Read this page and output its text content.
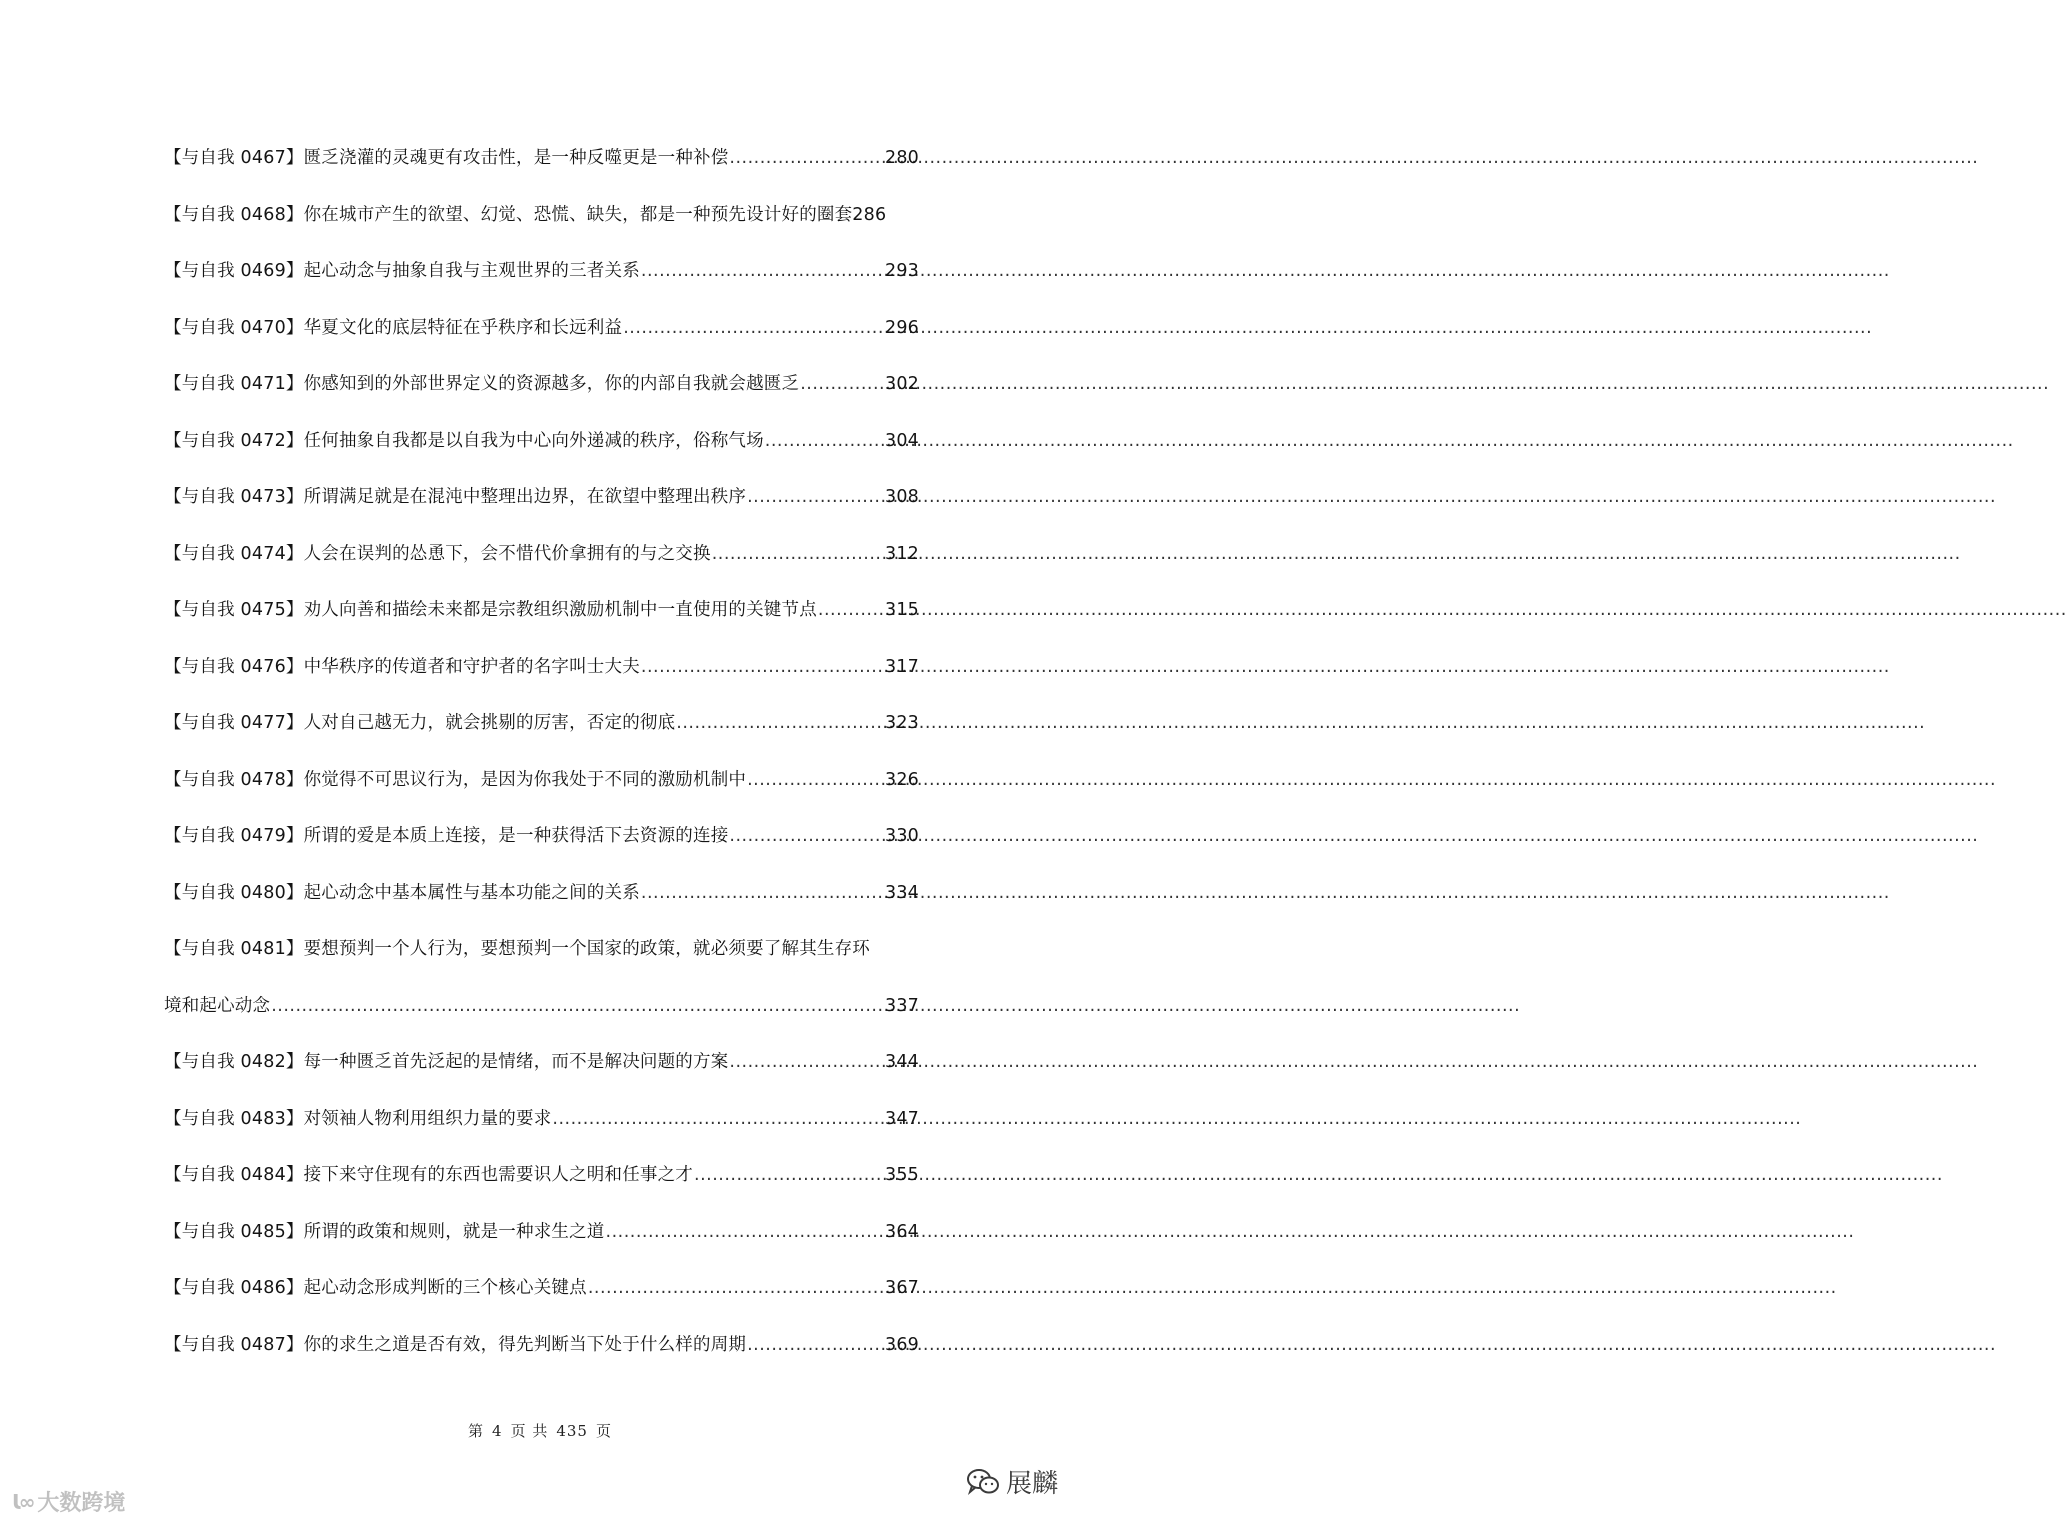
【与自我 0467】匮乏浇灌的灵魂更有攻击性，是一种反噬更是一种补偿 .....	280
【与自我 0468】你在城市产生的欲望、幻觉、恐慌、缺失，都是一种预先设计好的圈套 286
【与自我 0469】起心动念与抽象自我与主观世界的三者关系 .....	293
【与自我 0470】华夏文化的底层特征在乎秩序和长远利益 .....	296
【与自我 0471】你感知到的外部世界定义的资源越多，你的内部自我就会越匮乏 .....	302
【与自我 0472】任何抽象自我都是以自我为中心向外递减的秩序，俗称气场 .....	304
【与自我 0473】所谓满足就是在混沌中整理出边界，在欲望中整理出秩序 .....	308
【与自我 0474】人会在误判的怂恿下，会不惜代价拿拥有的与之交换 .....	312
【与自我 0475】劝人向善和描绘未来都是宗教组织激励机制中一直使用的关键节点 .....	315
【与自我 0476】中华秩序的传道者和守护者的名字叫士大夫 .....	317
【与自我 0477】人对自己越无力，就会挑剔的厉害，否定的彻底 .....	323
【与自我 0478】你觉得不可思议行为，是因为你我处于不同的激励机制中 .....	326
【与自我 0479】所谓的爱是本质上连接，是一种获得活下去资源的连接 .....	330
【与自我 0480】起心动念中基本属性与基本功能之间的关系 .....	334
【与自我 0481】要想预判一个人行为，要想预判一个国家的政策，就必须要了解其生存环
境和起心动念 .....	337
【与自我 0482】每一种匮乏首先泛起的是情绪，而不是解决问题的方案 .....	344
【与自我 0483】对领袖人物利用组织力量的要求 .....	347
【与自我 0484】接下来守住现有的东西也需要识人之明和任事之才 .....	355
【与自我 0485】所谓的政策和规则，就是一种求生之道 .....	364
【与自我 0486】起心动念形成判断的三个核心关键点 .....	367
【与自我 0487】你的求生之道是否有效，得先判断当下处于什么样的周期 .....	369
第 4 页 共 435 页
Ɩ∞ 大数跨境
展麟
